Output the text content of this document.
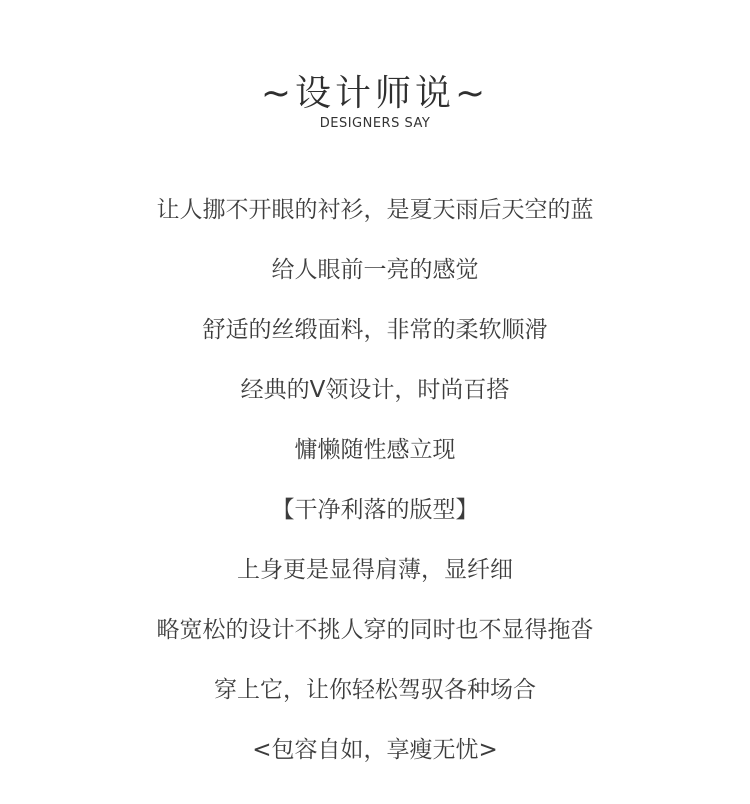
~设计师说~
DESIGNERS SAY
让人挪不开眼的衬衫，是夏天雨后天空的蓝
给人眼前一亮的感觉
舒适的丝缎面料，非常的柔软顺滑
经典的V领设计，时尚百搭
慵懒随性感立现
【干净利落的版型】
上身更是显得肩薄，显纤细
略宽松的设计不挑人穿的同时也不显得拖沓
穿上它，让你轻松驾驭各种场合
<包容自如，享瘦无忧>
